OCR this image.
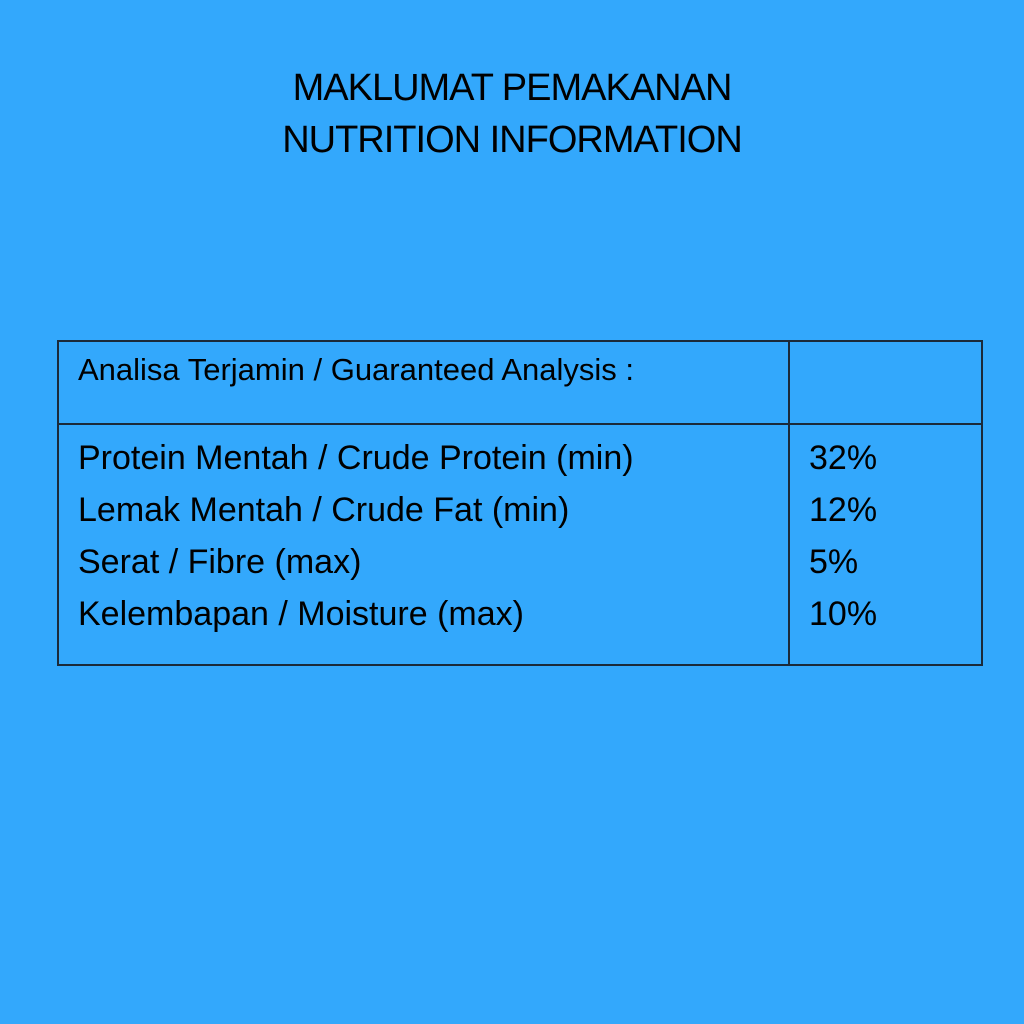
MAKLUMAT PEMAKANAN
NUTRITION INFORMATION
Analisa Terjamin / Guaranteed Analysis :
Protein Mentah / Crude Protein (min)
Lemak Mentah / Crude Fat (min)
Serat / Fibre (max)
Kelembapan / Moisture (max)
32%
12%
5%
10%
